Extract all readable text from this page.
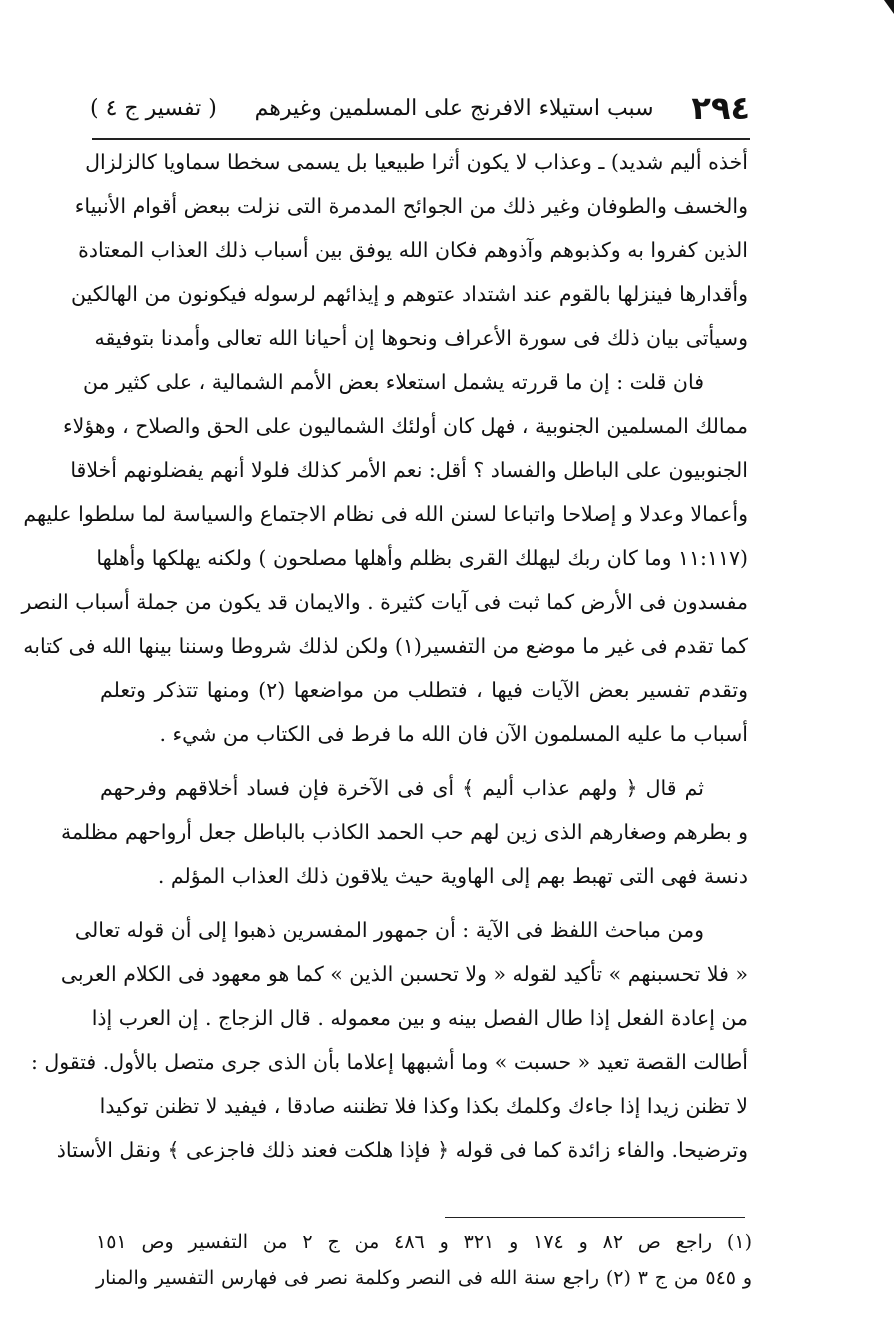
٢٩٤
سبب استيلاء الافرنج على المسلمين وغيرهم
( تفسير ج ٤ )
أخذه أليم شديد) ـ وعذاب لا يكون أثرا طبيعيا بل يسمى سخطا سماويا كالزلزال
والخسف والطوفان وغير ذلك من الجوائح المدمرة التى نزلت ببعض أقوام الأنبياء
الذين كفروا به وكذبوهم وآذوهم فكان الله يوفق بين أسباب ذلك العذاب المعتادة
وأقدارها فينزلها بالقوم عند اشتداد عتوهم و إيذائهم لرسوله فيكونون من الهالكين
وسيأتى بيان ذلك فى سورة الأعراف ونحوها إن أحيانا الله تعالى وأمدنا بتوفيقه
فان قلت : إن ما قررته يشمل استعلاء بعض الأمم الشمالية ، على كثير من
ممالك المسلمين الجنوبية ، فهل كان أولئك الشماليون على الحق والصلاح ، وهؤلاء
الجنوبيون على الباطل والفساد ؟ أقل: نعم الأمر كذلك فلولا أنهم يفضلونهم أخلاقا
وأعمالا وعدلا و إصلاحا واتباعا لسنن الله فى نظام الاجتماع والسياسة لما سلطوا عليهم
(١١:١١٧ وما كان ربك ليهلك القرى بظلم وأهلها مصلحون ) ولكنه يهلكها وأهلها
مفسدون فى الأرض كما ثبت فى آيات كثيرة . والايمان قد يكون من جملة أسباب النصر
كما تقدم فى غير ما موضع من التفسير(١) ولكن لذلك شروطا وسننا بينها الله فى كتابه
وتقدم تفسير بعض الآيات فيها ، فتطلب من مواضعها (٢) ومنها تتذكر وتعلم
أسباب ما عليه المسلمون الآن فان الله ما فرط فى الكتاب من شيء .
ثم قال ﴿ ولهم عذاب أليم ﴾ أى فى الآخرة فإن فساد أخلاقهم وفرحهم
و بطرهم وصغارهم الذى زين لهم حب الحمد الكاذب بالباطل جعل أرواحهم مظلمة
دنسة فهى التى تهبط بهم إلى الهاوية حيث يلاقون ذلك العذاب المؤلم .
ومن مباحث اللفظ فى الآية : أن جمهور المفسرين ذهبوا إلى أن قوله تعالى
« فلا تحسبنهم » تأكيد لقوله « ولا تحسبن الذين » كما هو معهود فى الكلام العربى
من إعادة الفعل إذا طال الفصل بينه و بين معموله . قال الزجاج . إن العرب إذا
أطالت القصة تعيد « حسبت » وما أشبهها إعلاما بأن الذى جرى متصل بالأول. فتقول :
لا تظنن زيدا إذا جاءك وكلمك بكذا وكذا فلا تظننه صادقا ، فيفيد لا تظنن توكيدا
وترضيحا. والفاء زائدة كما فى قوله ﴿ فإذا هلكت فعند ذلك فاجزعى ﴾ ونقل الأستاذ
(١) راجع ص ٨٢ و ١٧٤ و ٣٢١ و ٤٨٦ من ج ٢ من التفسير وص ١٥١
و ٥٤٥ من ج ٣ (٢) راجع سنة الله فى النصر وكلمة نصر فى فهارس التفسير والمنار
